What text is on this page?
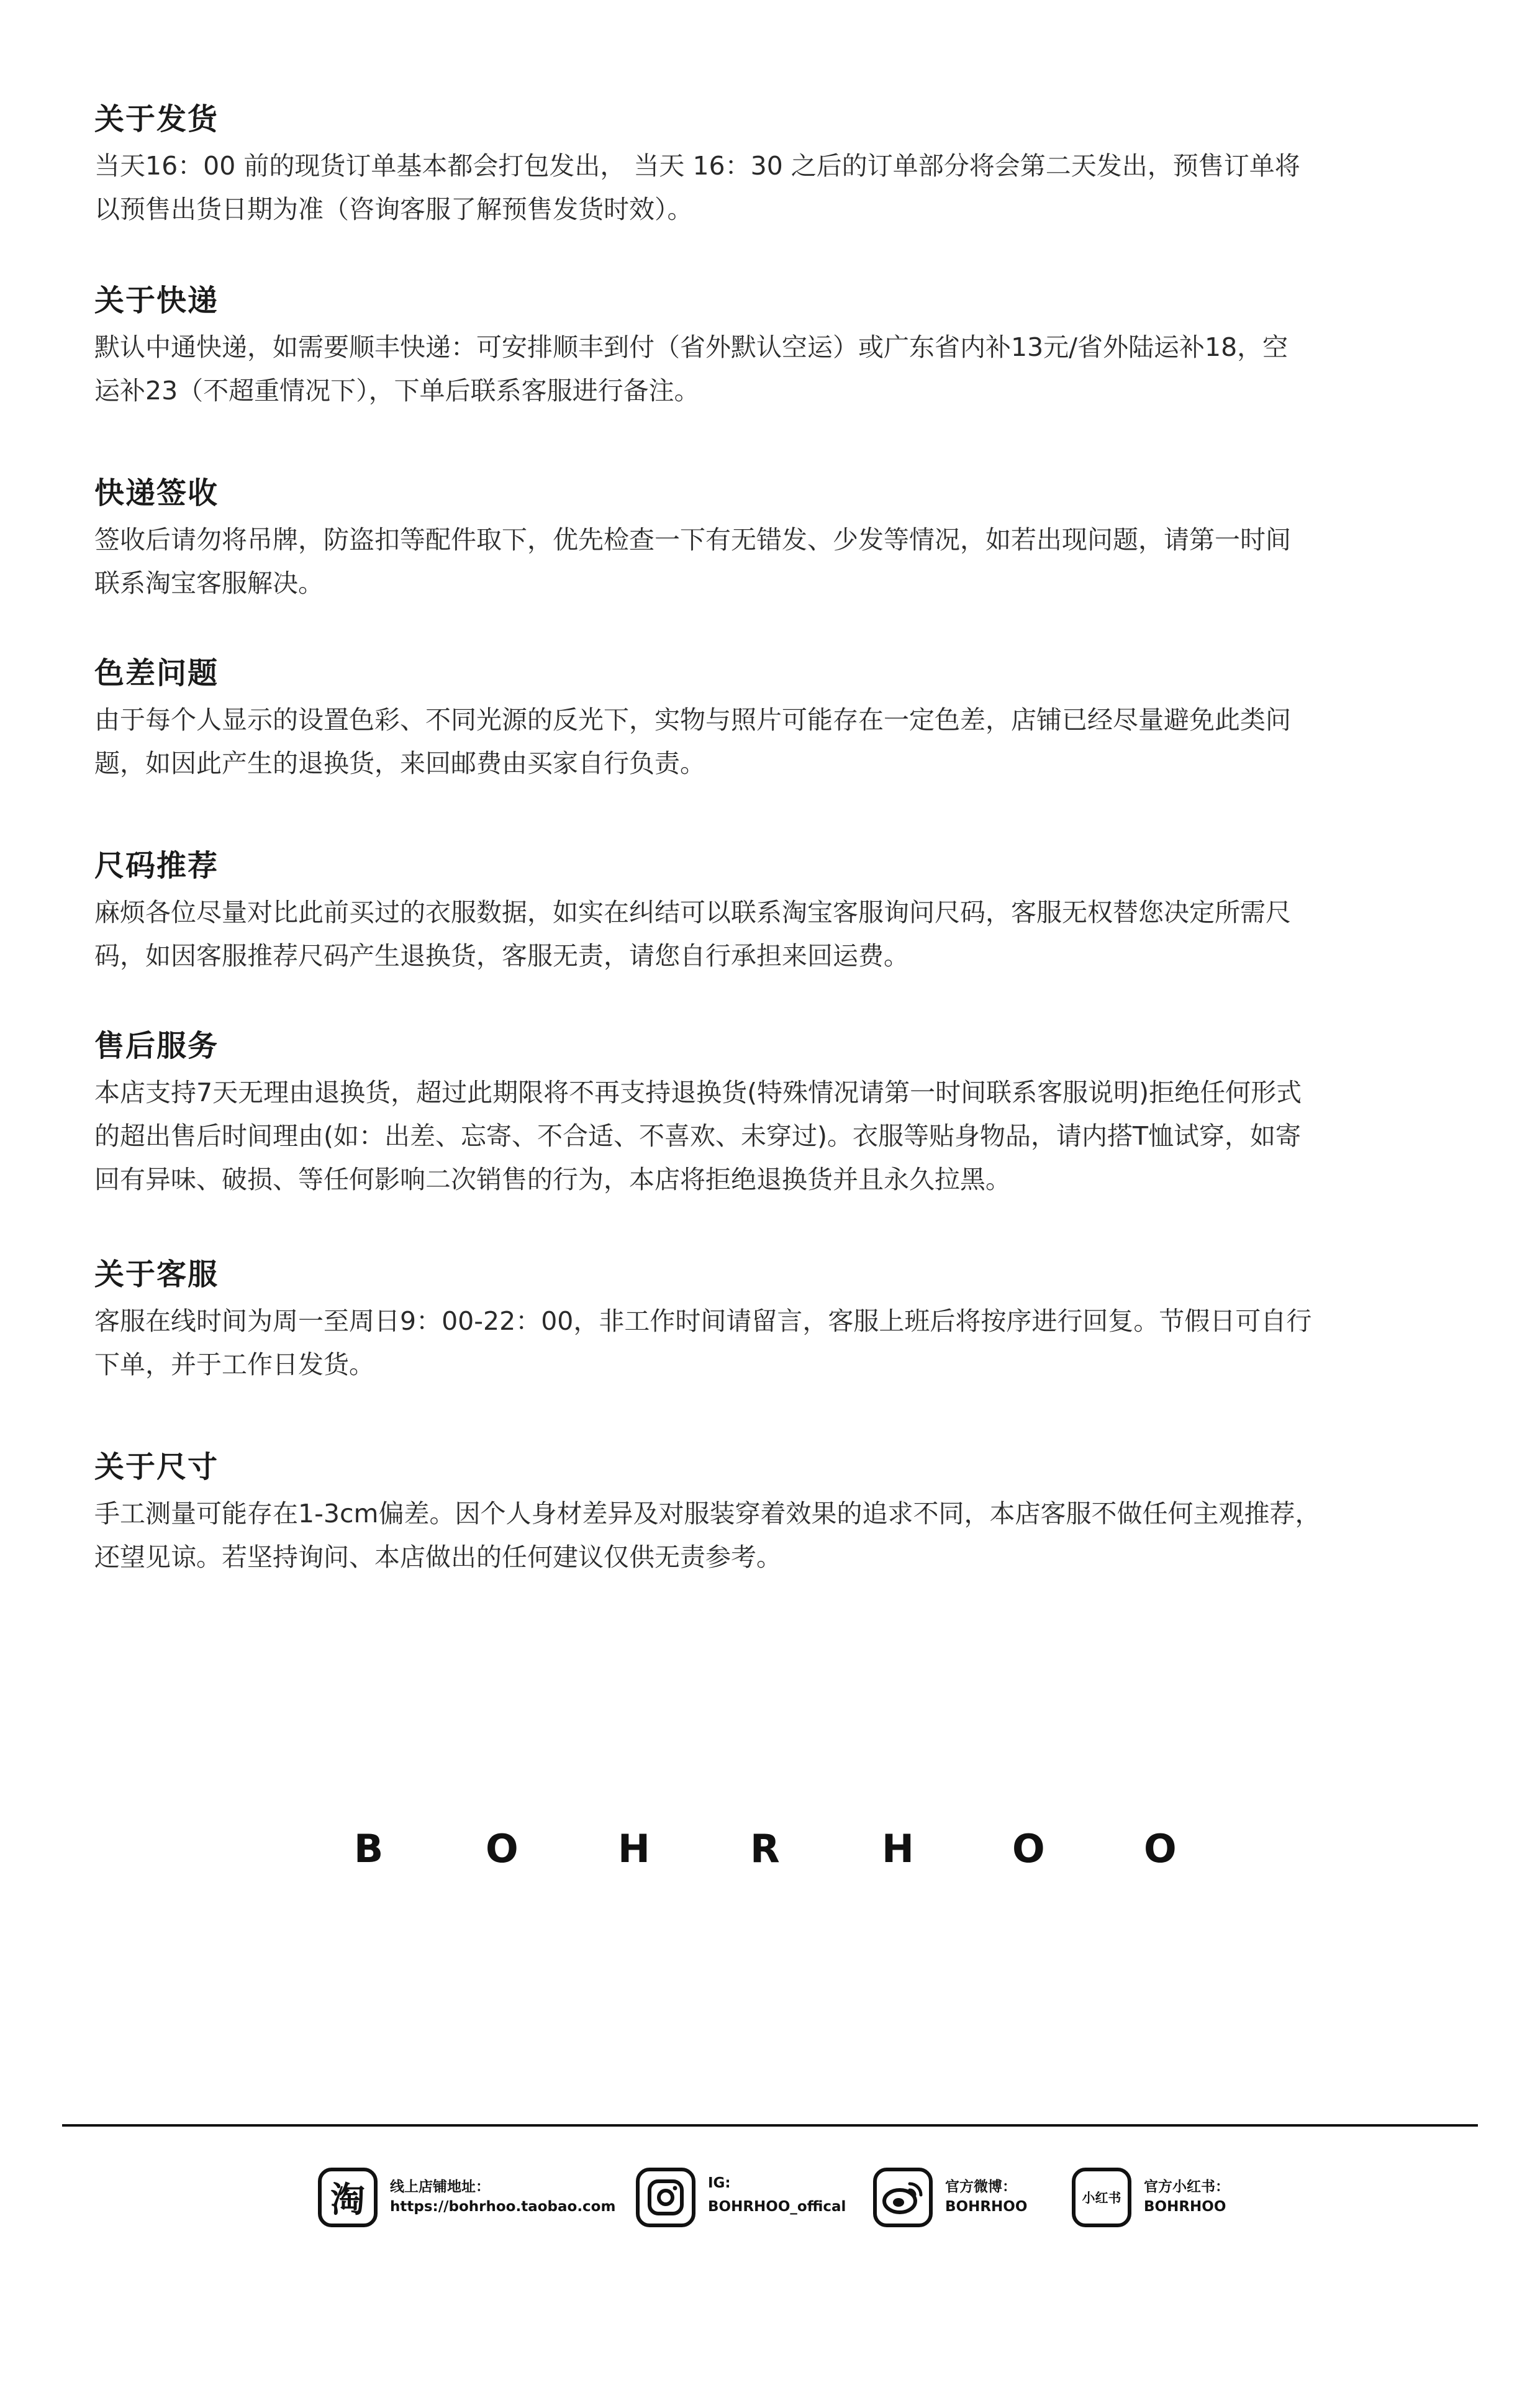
关于发货

当天16：00 前的现货订单基本都会打包发出， 当天 16：30 之后的订单部分将会第二天发出，预售订单将
以预售出货日期为准（咨询客服了解预售发货时效）。

关于快递

默认中通快递，如需要顺丰快递：可安排顺丰到付（省外默认空运）或广东省内补13元/省外陆运补18，空
运补23（不超重情况下），下单后联系客服进行备注。

快递签收

签收后请勿将吊牌，防盗扣等配件取下，优先检查一下有无错发、少发等情况，如若出现问题，请第一时间
联系淘宝客服解决。

色差问题

由于每个人显示的设置色彩、不同光源的反光下，实物与照片可能存在一定色差，店铺已经尽量避免此类问
题，如因此产生的退换货，来回邮费由买家自行负责。

尺码推荐

麻烦各位尽量对比此前买过的衣服数据，如实在纠结可以联系淘宝客服询问尺码，客服无权替您决定所需尺
码，如因客服推荐尺码产生退换货，客服无责，请您自行承担来回运费。

售后服务

本店支持7天无理由退换货，超过此期限将不再支持退换货(特殊情况请第一时间联系客服说明)拒绝任何形式
的超出售后时间理由(如：出差、忘寄、不合适、不喜欢、未穿过)。衣服等贴身物品，请内搭T恤试穿，如寄
回有异味、破损、等任何影响二次销售的行为，本店将拒绝退换货并且永久拉黑。

关于客服

客服在线时间为周一至周日9：00-22：00，非工作时间请留言，客服上班后将按序进行回复。节假日可自行
下单，并于工作日发货。

关于尺寸

手工测量可能存在1-3cm偏差。因个人身材差异及对服装穿着效果的追求不同，本店客服不做任何主观推荐，
还望见谅。若坚持询问、本店做出的任何建议仅供无责参考。

B	O	H	R	H	O	O
淘	线上店铺地址：
https://bohrhoo.taobao.com
IG:
BOHRHOO_offical
官方微博：
BOHRHOO
小红书
官方小红书：
BOHRHOO
